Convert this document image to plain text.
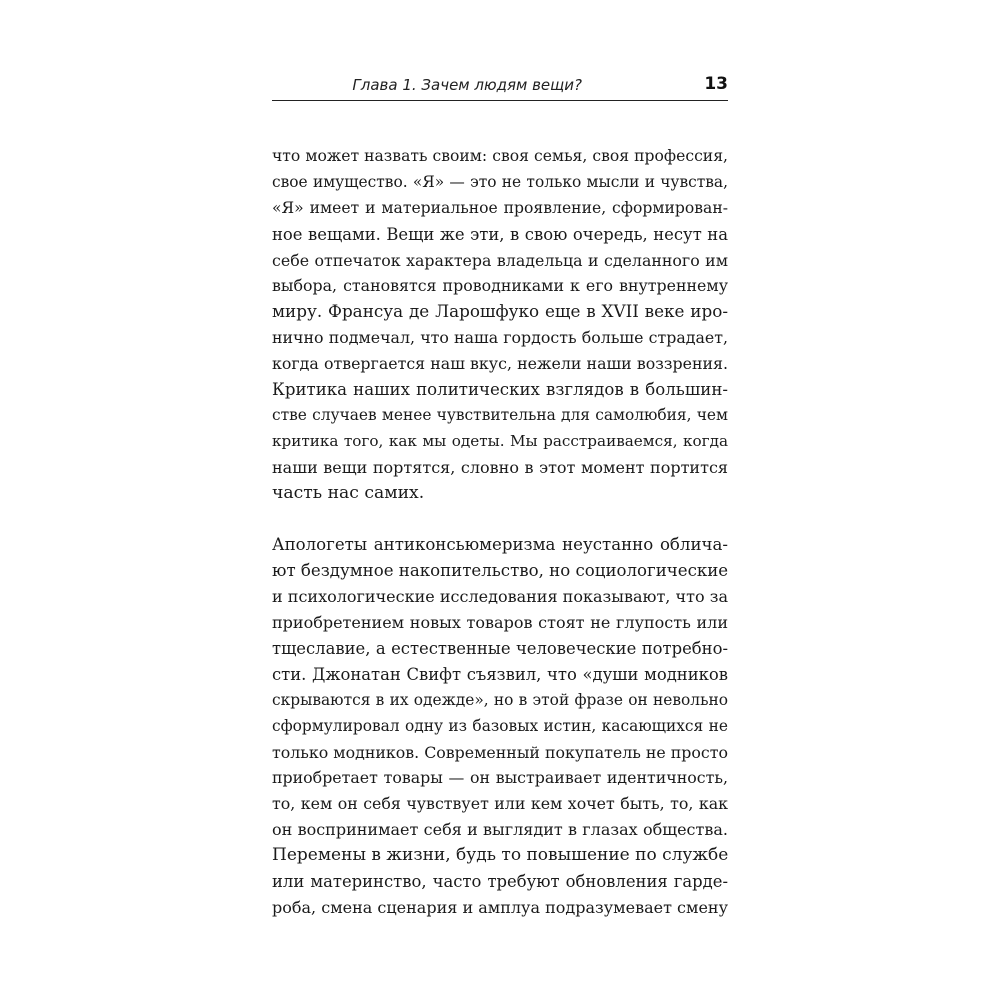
Глава 1. Зачем людям вещи?	13
что может назвать своим: своя семья, своя профессия,
свое имущество. «Я» — это не только мысли и чувства,
«Я» имеет и материальное проявление, сформирован-
ное вещами. Вещи же эти, в свою очередь, несут на
себе отпечаток характера владельца и сделанного им
выбора, становятся проводниками к его внутреннему
миру. Франсуа де Ларошфуко еще в XVII веке иро-
нично подмечал, что наша гордость больше страдает,
когда отвергается наш вкус, нежели наши воззрения.
Критика наших политических взглядов в большин-
стве случаев менее чувствительна для самолюбия, чем
критика того, как мы одеты. Мы расстраиваемся, когда
наши вещи портятся, словно в этот момент портится
часть нас самих.
Апологеты антиконсьюмеризма неустанно облича-
ют бездумное накопительство, но социологические
и психологические исследования показывают, что за
приобретением новых товаров стоят не глупость или
тщеславие, а естественные человеческие потребно-
сти. Джонатан Свифт съязвил, что «души модников
скрываются в их одежде», но в этой фразе он невольно
сформулировал одну из базовых истин, касающихся не
только модников. Современный покупатель не просто
приобретает товары — он выстраивает идентичность,
то, кем он себя чувствует или кем хочет быть, то, как
он воспринимает себя и выглядит в глазах общества.
Перемены в жизни, будь то повышение по службе
или материнство, часто требуют обновления гарде-
роба, смена сценария и амплуа подразумевает смену
